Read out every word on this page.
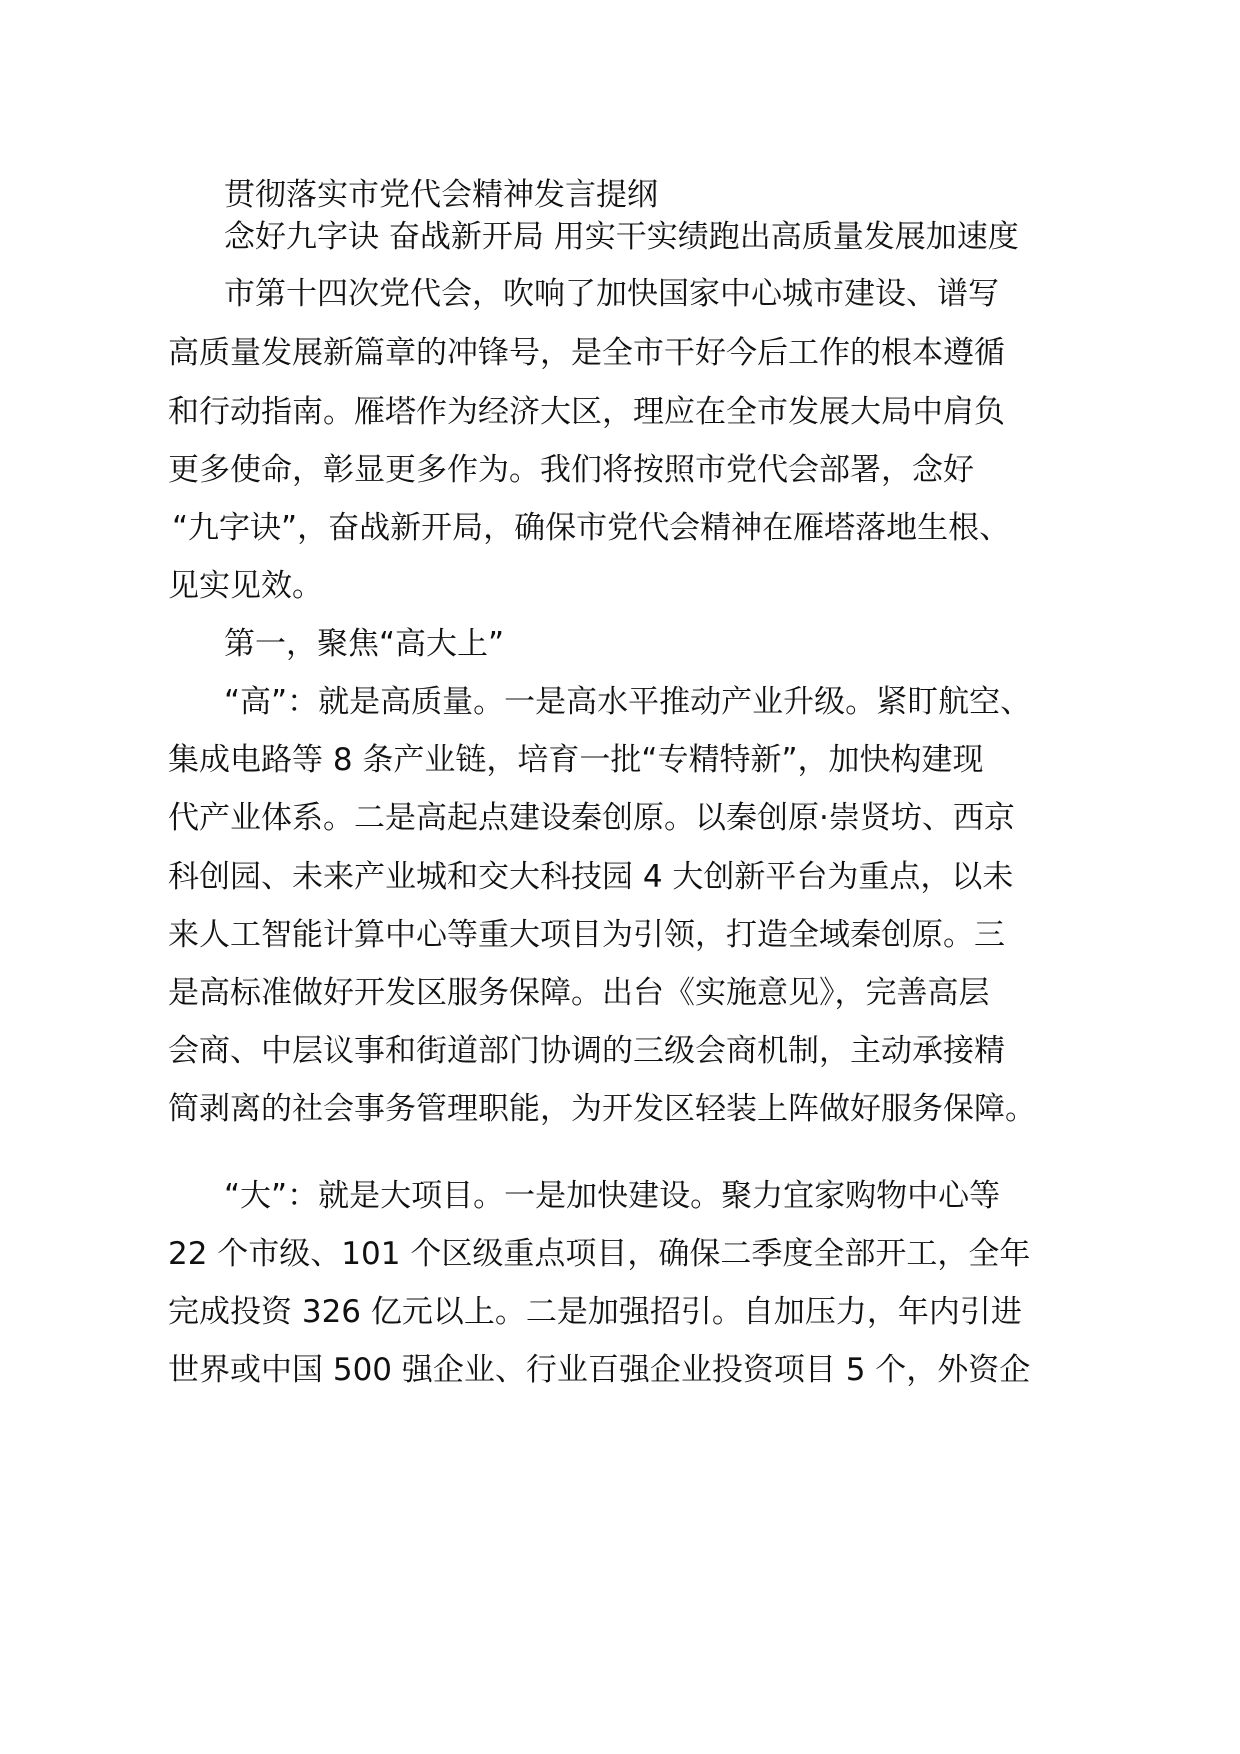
贯彻落实市党代会精神发言提纲
念好九字诀 奋战新开局 用实干实绩跑出高质量发展加速度
市第十四次党代会，吹响了加快国家中心城市建设、谱写
高质量发展新篇章的冲锋号，是全市干好今后工作的根本遵循
和行动指南。雁塔作为经济大区，理应在全市发展大局中肩负
更多使命，彰显更多作为。我们将按照市党代会部署，念好
“九字诀”，奋战新开局，确保市党代会精神在雁塔落地生根、
见实见效。
第一，聚焦“高大上”
“高”：就是高质量。一是高水平推动产业升级。紧盯航空、
集成电路等 8 条产业链，培育一批“专精特新”，加快构建现
代产业体系。二是高起点建设秦创原。以秦创原·崇贤坊、西京
科创园、未来产业城和交大科技园 4 大创新平台为重点，以未
来人工智能计算中心等重大项目为引领，打造全域秦创原。三
是高标准做好开发区服务保障。出台《实施意见》，完善高层
会商、中层议事和街道部门协调的三级会商机制，主动承接精
简剥离的社会事务管理职能，为开发区轻装上阵做好服务保障。
“大”：就是大项目。一是加快建设。聚力宜家购物中心等
22 个市级、101 个区级重点项目，确保二季度全部开工，全年
完成投资 326 亿元以上。二是加强招引。自加压力，年内引进
世界或中国 500 强企业、行业百强企业投资项目 5 个，外资企
